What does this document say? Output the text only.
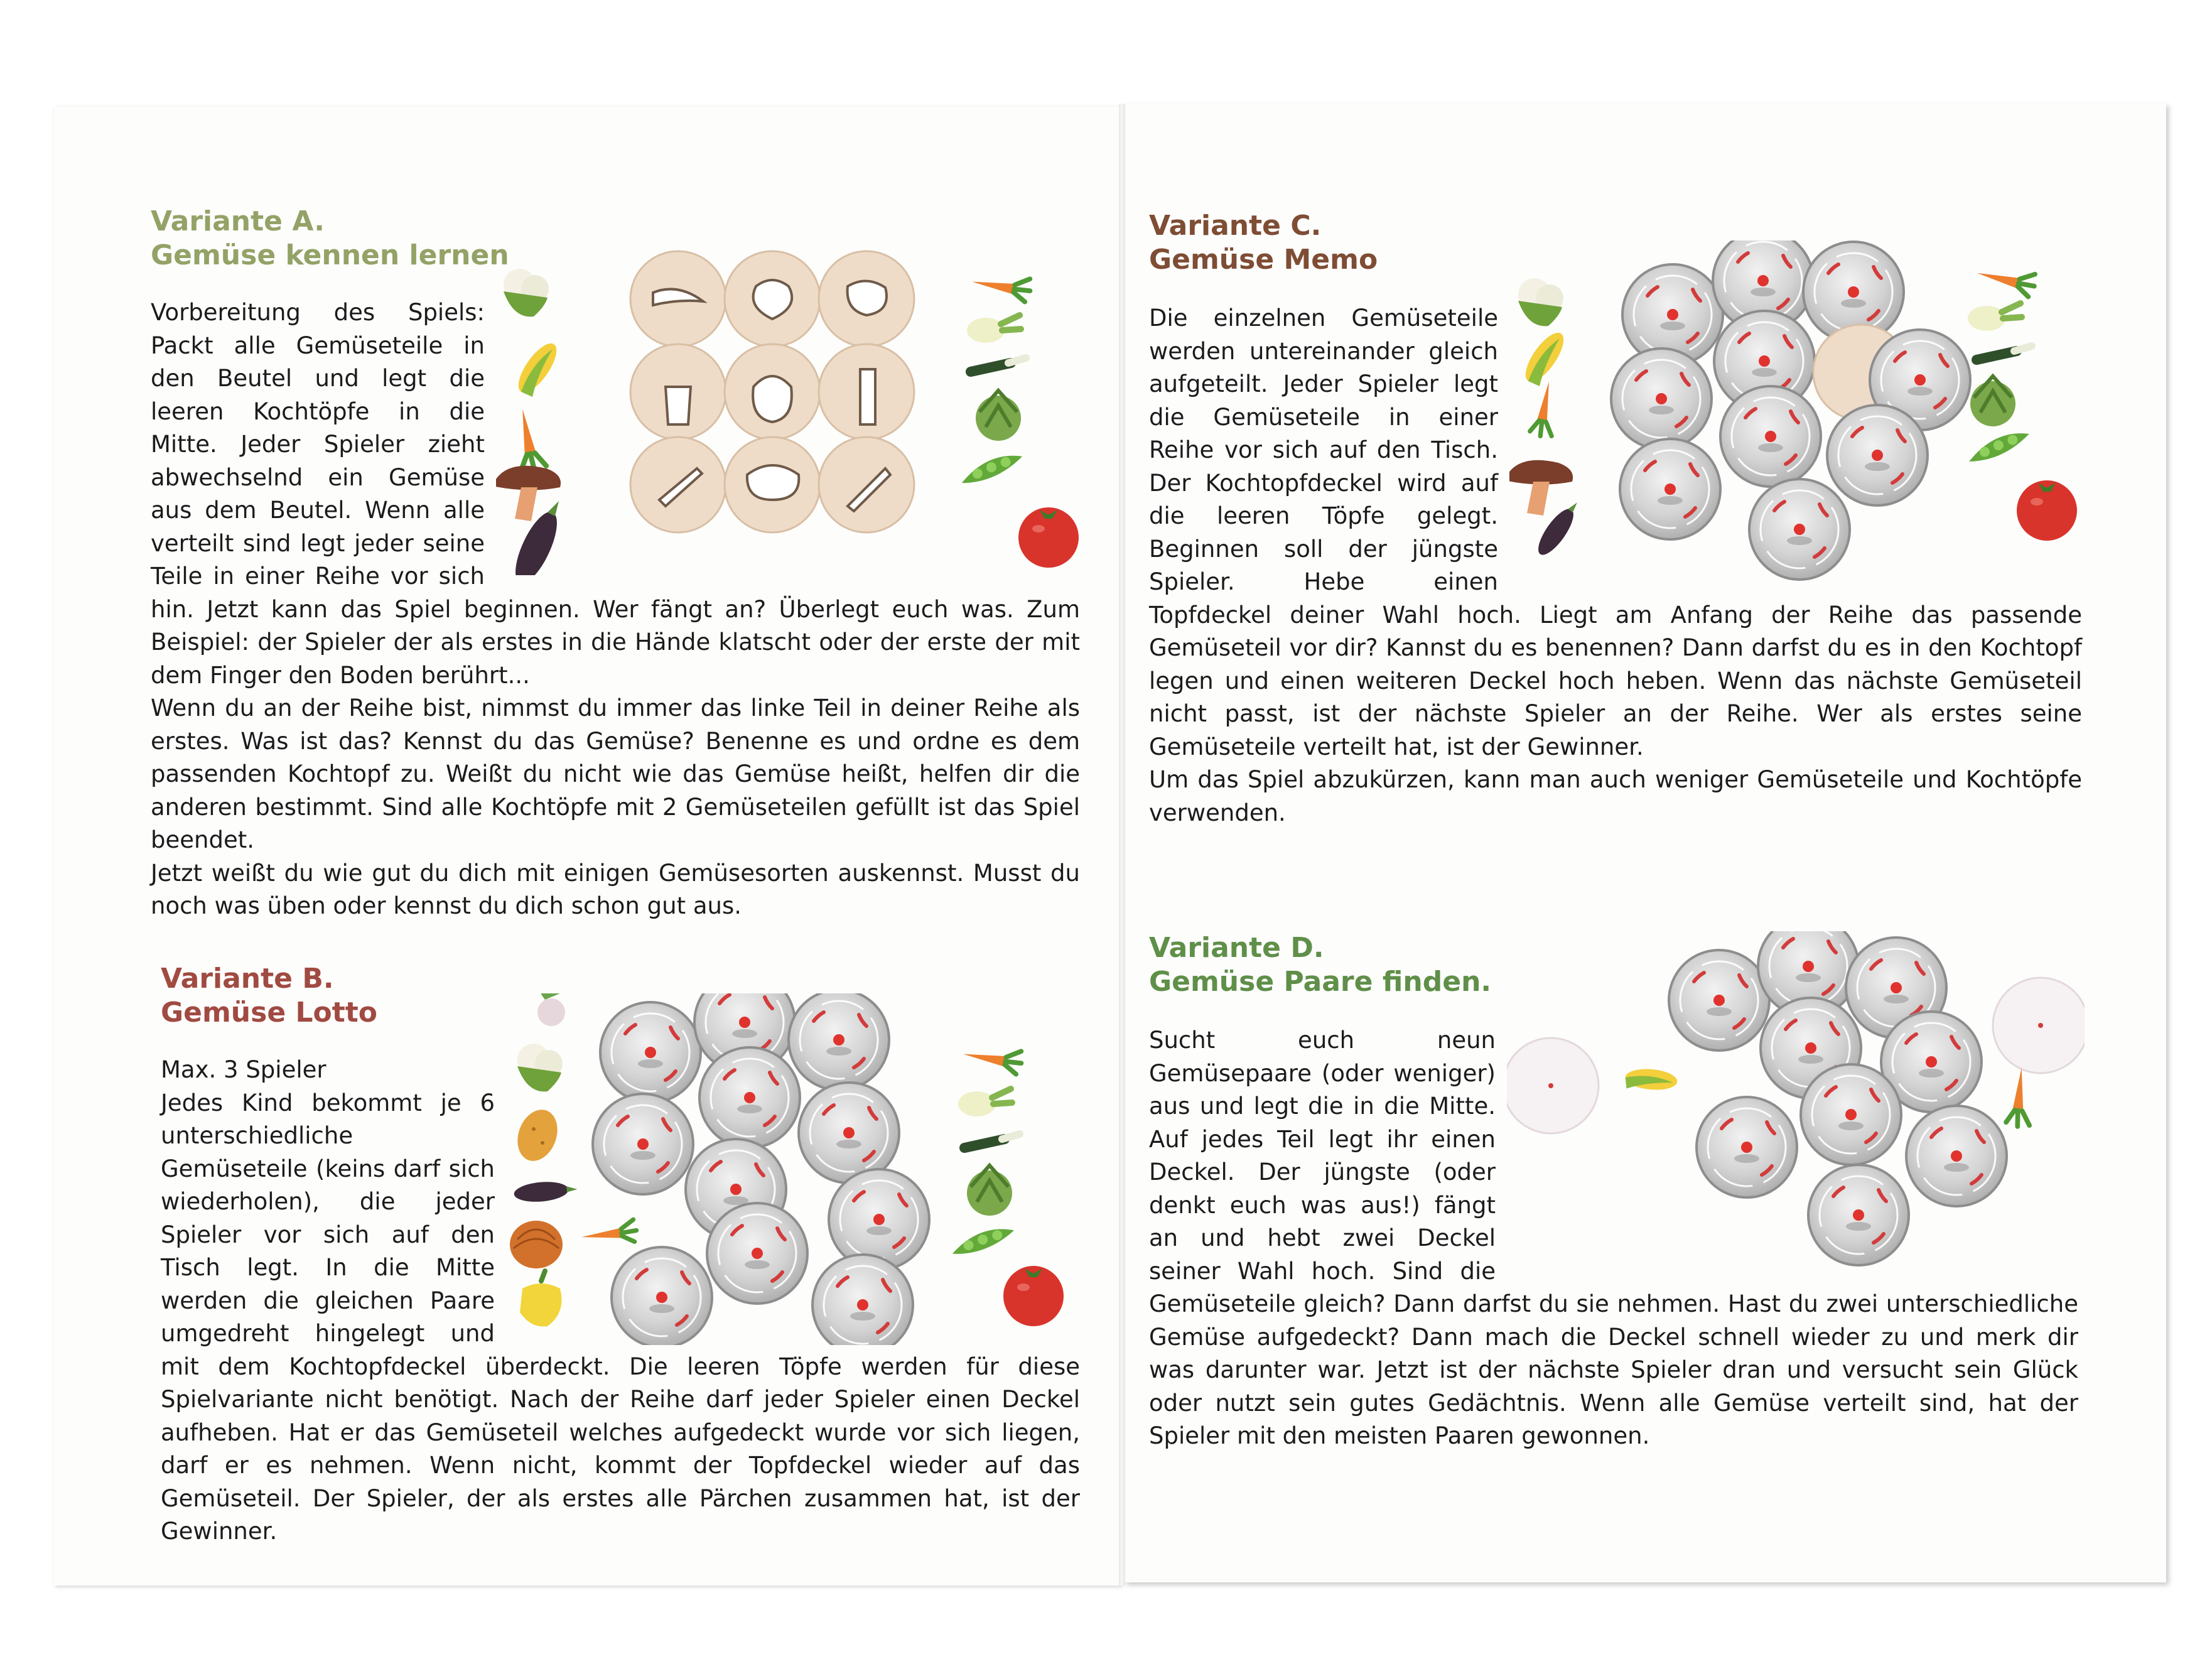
Variante A.
Gemüse kennen lernen

Vorbereitung des Spiels: Packt alle Gemüseteile in den Beutel und legt die leeren Kochtöpfe in die Mitte. Jeder Spieler zieht abwechselnd ein Gemüse aus dem Beutel. Wenn alle verteilt sind legt jeder seine Teile in einer Reihe vor sich hin. Jetzt kann das Spiel beginnen. Wer fängt an? Überlegt euch was. Zum Beispiel: der Spieler der als erstes in die Hände klatscht oder der erste der mit dem Finger den Boden berührt...

Wenn du an der Reihe bist, nimmst du immer das linke Teil in deiner Reihe als erstes. Was ist das? Kennst du das Gemüse? Benenne es und ordne es dem passenden Kochtopf zu. Weißt du nicht wie das Gemüse heißt, helfen dir die anderen bestimmt. Sind alle Kochtöpfe mit 2 Gemüseteilen gefüllt ist das Spiel beendet.

Jetzt weißt du wie gut du dich mit einigen Gemüsesorten auskennst. Musst du noch was üben oder kennst du dich schon gut aus.

Variante B.
Gemüse Lotto

Max. 3 Spieler

Jedes Kind bekommt je 6 unterschiedliche Gemüseteile (keins darf sich wiederholen), die jeder Spieler vor sich auf den Tisch legt. In die Mitte werden die gleichen Paare umgedreht hingelegt und mit dem Kochtopfdeckel überdeckt. Die leeren Töpfe werden für diese Spielvariante nicht benötigt. Nach der Reihe darf jeder Spieler einen Deckel aufheben. Hat er das Gemüseteil welches aufgedeckt wurde vor sich liegen, darf er es nehmen. Wenn nicht, kommt der Topfdeckel wieder auf das Gemüseteil. Der Spieler, der als erstes alle Pärchen zusammen hat, ist der Gewinner.

Variante C.
Gemüse Memo

Die einzelnen Gemüseteile werden untereinander gleich aufgeteilt. Jeder Spieler legt die Gemüseteile in einer Reihe vor sich auf den Tisch. Der Kochtopfdeckel wird auf die leeren Töpfe gelegt. Beginnen soll der jüngste Spieler. Hebe einen Topfdeckel deiner Wahl hoch. Liegt am Anfang der Reihe das passende Gemüseteil vor dir? Kannst du es benennen? Dann darfst du es in den Kochtopf legen und einen weiteren Deckel hoch heben. Wenn das nächste Gemüseteil nicht passt, ist der nächste Spieler an der Reihe. Wer als erstes seine Gemüseteile verteilt hat, ist der Gewinner.

Um das Spiel abzukürzen, kann man auch weniger Gemüseteile und Kochtöpfe verwenden.

Variante D.
Gemüse Paare finden.

Sucht euch neun Gemüsepaare (oder weniger) aus und legt die in die Mitte. Auf jedes Teil legt ihr einen Deckel. Der jüngste (oder denkt euch was aus!) fängt an und hebt zwei Deckel seiner Wahl hoch. Sind die Gemüseteile gleich? Dann darfst du sie nehmen. Hast du zwei unterschiedliche Gemüse aufgedeckt? Dann mach die Deckel schnell wieder zu und merk dir was darunter war. Jetzt ist der nächste Spieler dran und versucht sein Glück oder nutzt sein gutes Gedächtnis. Wenn alle Gemüse verteilt sind, hat der Spieler mit den meisten Paaren gewonnen.
